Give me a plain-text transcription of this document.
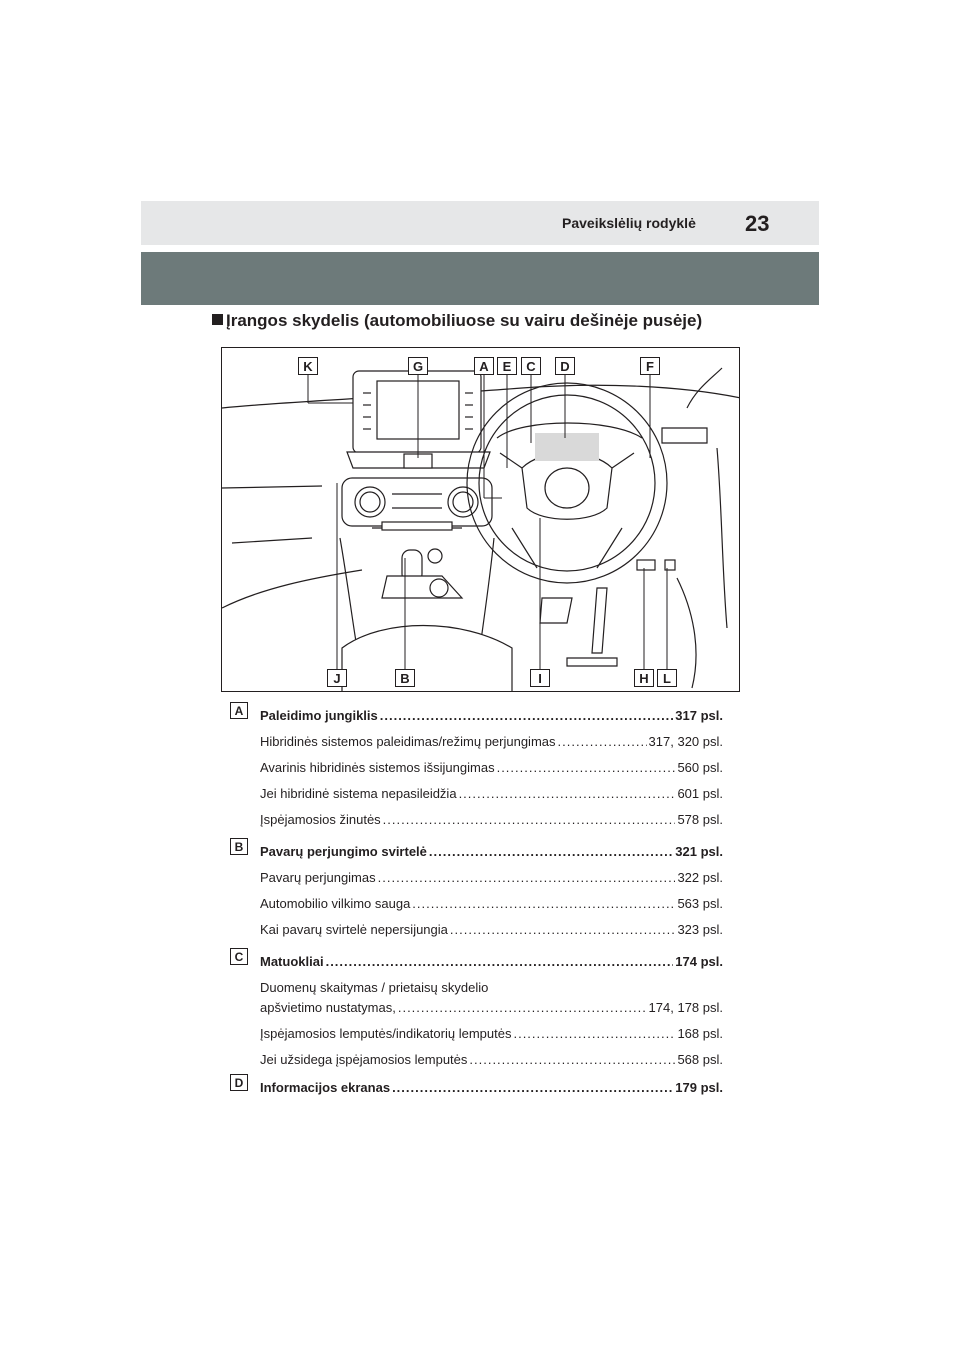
Paveikslėlių rodyklė 23
Įrangos skydelis (automobiliuose su vairu dešinėje pusėje)
K	G	A	E	C	D	F
J	B	I	H	L
A	Paleidimo jungiklis .....	317 psl.
Hibridinės sistemos paleidimas/režimų perjungimas .....	317, 320 psl.
Avarinis hibridinės sistemos išsijungimas .....	560 psl.
Jei hibridinė sistema nepasileidžia .....	601 psl.
Įspėjamosios žinutės .....	578 psl.
B	Pavarų perjungimo svirtelė .....	321 psl.
Pavarų perjungimas .....	322 psl.
Automobilio vilkimo sauga .....	563 psl.
Kai pavarų svirtelė nepersijungia .....	323 psl.
C	Matuokliai .....	174 psl.
Duomenų skaitymas / prietaisų skydelio
apšvietimo nustatymas, .....	174, 178 psl.
Įspėjamosios lemputės/indikatorių lemputės .....	168 psl.
Jei užsidega įspėjamosios lemputės .....	568 psl.
D	Informacijos ekranas .....	179 psl.
